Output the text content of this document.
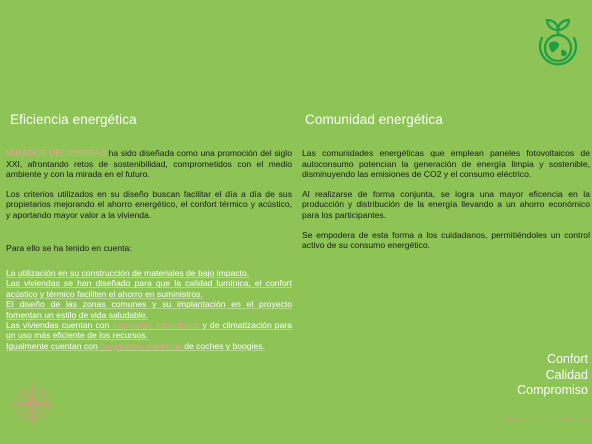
Eficiencia energética

MIRADOR DEL PIEDRAS ha sido diseñada como una promoción del siglo XXI, afrontando retos de sostenibilidad, comprometidos con el medio ambiente y con la mirada en el futuro.

Los criterios utilizados en su diseño buscan facilitar el día a día de sus propietarios mejorando el ahorro energético, el confort térmico y acústico, y aportando mayor valor a la vivienda.

Para ello se ha tenido en cuenta:

La utilización en su construcción de materiales de bajo impacto.
Las viviendas se han diseñado para que la calidad lumínica, el confort acústico y térmico faciliten el ahorro en suministros.
El diseño de las zonas comunes y su implantación en el proyecto fomentan un estilo de vida saludable.
Las viviendas cuentan con instalación fotovoltaica y de climatización para un uso más eficiente de los recursos.
Igualmente cuentan con cargadores eléctricos de coches y boogies.
Comunidad energética

Las comunidades energéticas que emplean paneles fotovoltaicos de autoconsumo potencian la generación de energía limpia y sostenible, disminuyendo las emisiones de CO2 y el consumo eléctrico.

Al realizarse de forma conjunta, se logra una mayor eficencia en la producción y distribución de la energía llevando a un ahorro económico para los participantes.

Se empodera de esta forma a los cuidadanos, permitiéndoles un control activo de su consumo energético.

Confort
Calidad
Compromiso
MIRADOR DEL PIEDRA
